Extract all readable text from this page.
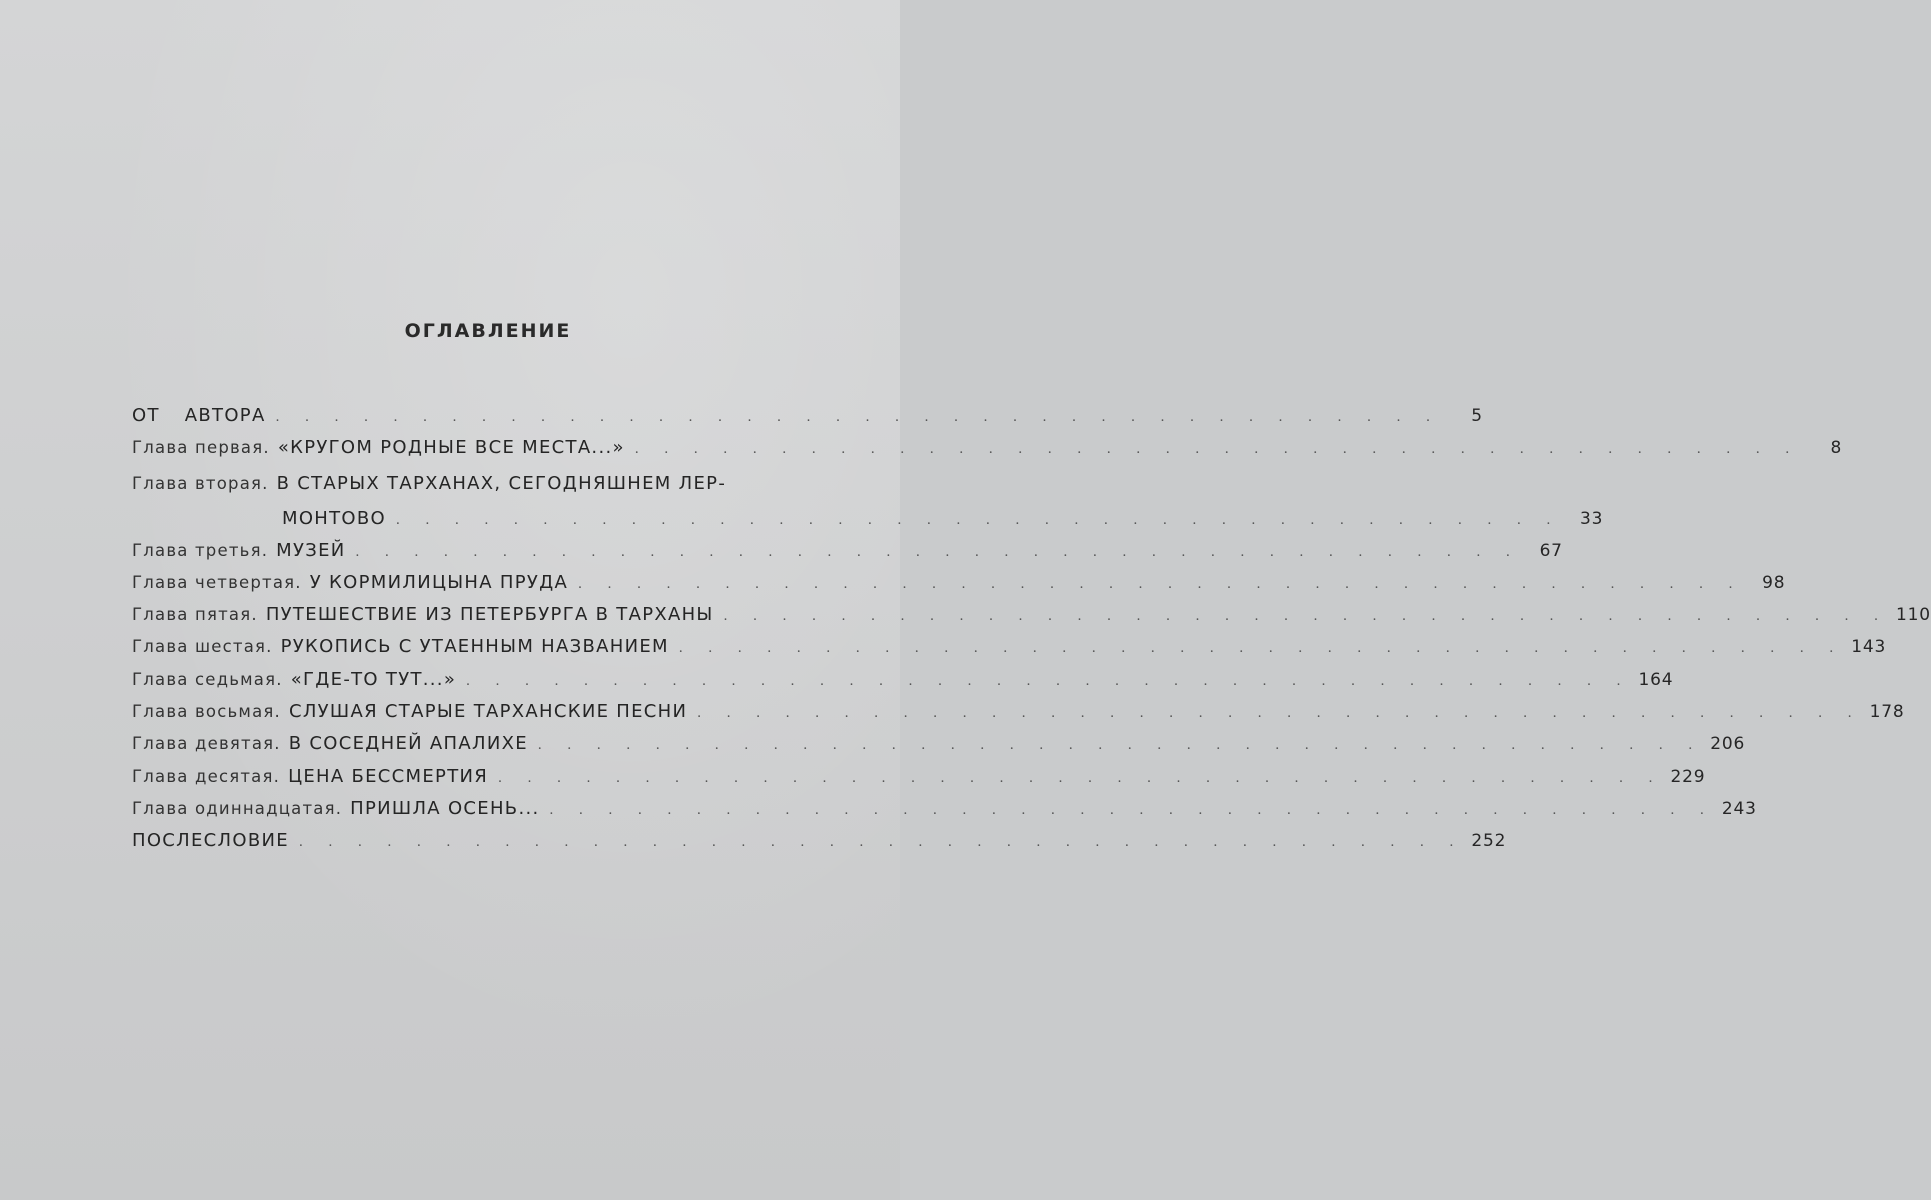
ОГЛАВЛЕНИЕ
ОТ АВТОРА . . . . . . . . . . . . . . . . . . . . . . . . . . . . . . . . . . . . . . . .	5
Глава первая. «КРУГОМ РОДНЫЕ ВСЕ МЕСТА...» . . . . . . . . . . . . . . . . . . . . . . . . . . . . . . . . . . . . . . . .	8
Глава вторая. В СТАРЫХ ТАРХАНАХ, СЕГОДНЯШНЕМ ЛЕР-
МОНТОВО . . . . . . . . . . . . . . . . . . . . . . . . . . . . . . . . . . . . . . . .	33
Глава третья. МУЗЕЙ . . . . . . . . . . . . . . . . . . . . . . . . . . . . . . . . . . . . . . . .	67
Глава четвертая. У КОРМИЛИЦЫНА ПРУДА . . . . . . . . . . . . . . . . . . . . . . . . . . . . . . . . . . . . . . . .	98
Глава пятая. ПУТЕШЕСТВИЕ ИЗ ПЕТЕРБУРГА В ТАРХАНЫ . . . . . . . . . . . . . . . . . . . . . . . . . . . . . . . . . . . . . . . . 110
Глава шестая. РУКОПИСЬ С УТАЕННЫМ НАЗВАНИЕМ . . . . . . . . . . . . . . . . . . . . . . . . . . . . . . . . . . . . . . . . 143
Глава седьмая. «ГДЕ-ТО ТУТ...» . . . . . . . . . . . . . . . . . . . . . . . . . . . . . . . . . . . . . . . . 164
Глава восьмая. СЛУШАЯ СТАРЫЕ ТАРХАНСКИЕ ПЕСНИ . . . . . . . . . . . . . . . . . . . . . . . . . . . . . . . . . . . . . . . . 178
Глава девятая. В СОСЕДНЕЙ АПАЛИХЕ . . . . . . . . . . . . . . . . . . . . . . . . . . . . . . . . . . . . . . . . 206
Глава десятая. ЦЕНА БЕССМЕРТИЯ . . . . . . . . . . . . . . . . . . . . . . . . . . . . . . . . . . . . . . . . 229
Глава одиннадцатая. ПРИШЛА ОСЕНЬ... . . . . . . . . . . . . . . . . . . . . . . . . . . . . . . . . . . . . . . . . 243
ПОСЛЕСЛОВИЕ . . . . . . . . . . . . . . . . . . . . . . . . . . . . . . . . . . . . . . . . 252
